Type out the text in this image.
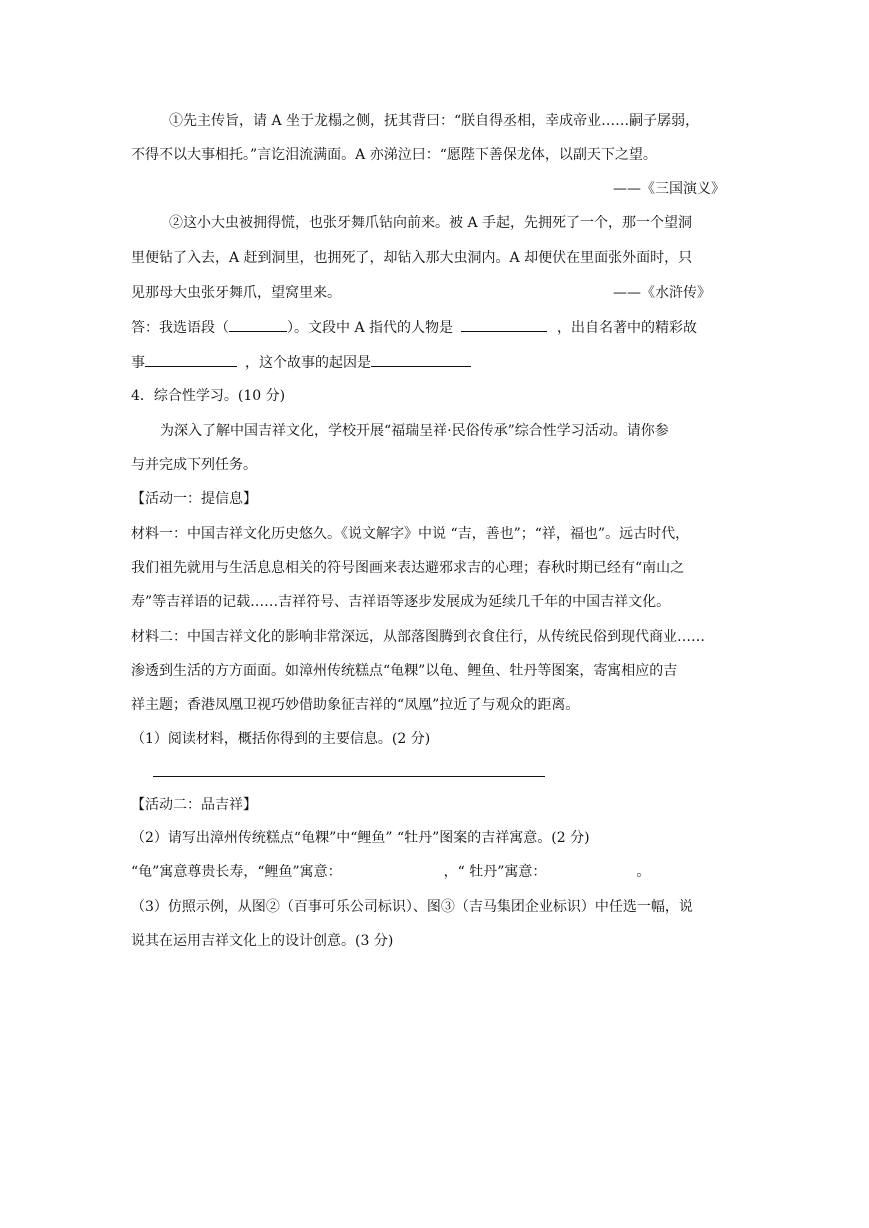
①先主传旨，请 A 坐于龙榻之侧，抚其背曰：“朕自得丞相，幸成帝业……嗣子孱弱，
不得不以大事相托。”言讫泪流满面。A 亦涕泣曰：“愿陛下善保龙体，以副天下之望。
——《三国演义》
②这小大虫被拥得慌，也张牙舞爪钻向前来。被 A 手起，先拥死了一个，那一个望洞
里便钻了入去，A 赶到洞里，也拥死了，却钻入那大虫洞内。A 却便伏在里面张外面时，只
见那母大虫张牙舞爪，望窝里来。	——《水浒传》
答：我选语段（	）。文段中 A 指代的人物是	，出自名著中的精彩故
事	，这个故事的起因是
4．综合性学习。(10 分)
为深入了解中国吉祥文化，学校开展“福瑞呈祥·民俗传承”综合性学习活动。请你参
与并完成下列任务。
【活动一：提信息】
材料一：中国吉祥文化历史悠久。《说文解字》中说 “吉，善也”；“祥，福也”。远古时代，
我们祖先就用与生活息息相关的符号图画来表达避邪求吉的心理；春秋时期已经有“南山之
寿”等吉祥语的记载……吉祥符号、吉祥语等逐步发展成为延续几千年的中国吉祥文化。
材料二：中国吉祥文化的影响非常深远，从部落图腾到衣食住行，从传统民俗到现代商业……
渗透到生活的方方面面。如漳州传统糕点“龟粿”以龟、鲤鱼、牡丹等图案，寄寓相应的吉
祥主题；香港凤凰卫视巧妙借助象征吉祥的“凤凰”拉近了与观众的距离。
（1）阅读材料，概括你得到的主要信息。(2 分)
【活动二：品吉祥】
（2）请写出漳州传统糕点“龟粿”中“鲤鱼” “牡丹”图案的吉祥寓意。(2 分)
“龟”寓意尊贵长寿，“鲤鱼”寓意：	，“ 牡丹”寓意：	。
（3）仿照示例，从图②（百事可乐公司标识）、图③（吉马集团企业标识）中任选一幅，说
说其在运用吉祥文化上的设计创意。(3 分)
